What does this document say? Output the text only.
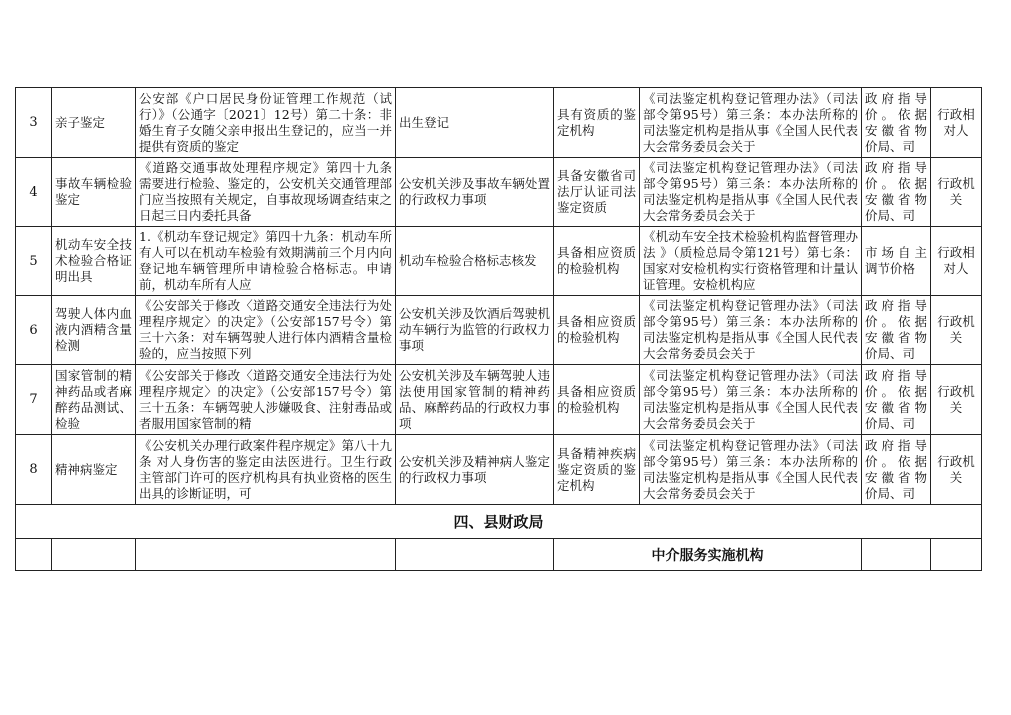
3	亲子鉴定	公安部《户口居民身份证管理工作规范（试行）》（公通字〔2021〕12号）第二十条：非婚生育子女随父亲申报出生登记的，应当一并提供有资质的鉴定	出生登记	具有资质的鉴定机构	《司法鉴定机构登记管理办法》（司法部令第95号）第三条：本办法所称的司法鉴定机构是指从事《全国人民代表大会常务委员会关于	政府指导价。依据安徽省物价局、司	行政相对人

4	事故车辆检验鉴定	《道路交通事故处理程序规定》第四十九条 需要进行检验、鉴定的，公安机关交通管理部门应当按照有关规定，自事故现场调查结束之日起三日内委托具备	公安机关涉及事故车辆处置的行政权力事项	具备安徽省司法厅认证司法鉴定资质	《司法鉴定机构登记管理办法》（司法部令第95号）第三条：本办法所称的司法鉴定机构是指从事《全国人民代表大会常务委员会关于	政府指导价。依据安徽省物价局、司	行政机关

5	机动车安全技术检验合格证明出具	1.《机动车登记规定》第四十九条：机动车所有人可以在机动车检验有效期满前三个月内向登记地车辆管理所申请检验合格标志。申请前，机动车所有人应	机动车检验合格标志核发	具备相应资质的检验机构	《机动车安全技术检验机构监督管理办法 》（质检总局令第121号）第七条：国家对安检机构实行资格管理和计量认证管理。安检机构应	市场自主调节价格	行政相对人

6	驾驶人体内血液内酒精含量检测	《公安部关于修改〈道路交通安全违法行为处理程序规定〉的决定》（公安部157号令）第三十六条：对车辆驾驶人进行体内酒精含量检验的，应当按照下列	公安机关涉及饮酒后驾驶机动车辆行为监管的行政权力事项	具备相应资质的检验机构	《司法鉴定机构登记管理办法》（司法部令第95号）第三条：本办法所称的司法鉴定机构是指从事《全国人民代表大会常务委员会关于	政府指导价。依据安徽省物价局、司	行政机关

7	国家管制的精神药品或者麻醉药品测试、检验	《公安部关于修改〈道路交通安全违法行为处理程序规定〉的决定》（公安部157号令）第三十五条：车辆驾驶人涉嫌吸食、注射毒品或者服用国家管制的精	公安机关涉及车辆驾驶人违法使用国家管制的精神药品、麻醉药品的行政权力事项	具备相应资质的检验机构	《司法鉴定机构登记管理办法》（司法部令第95号）第三条：本办法所称的司法鉴定机构是指从事《全国人民代表大会常务委员会关于	政府指导价。依据安徽省物价局、司	行政机关

8	精神病鉴定	《公安机关办理行政案件程序规定》第八十九条 对人身伤害的鉴定由法医进行。卫生行政主管部门许可的医疗机构具有执业资格的医生出具的诊断证明，可	公安机关涉及精神病人鉴定的行政权力事项	具备精神疾病鉴定资质的鉴定机构	《司法鉴定机构登记管理办法》（司法部令第95号）第三条：本办法所称的司法鉴定机构是指从事《全国人民代表大会常务委员会关于	政府指导价。依据安徽省物价局、司	行政机关

四、县财政局							

				中介服务实施机构			
